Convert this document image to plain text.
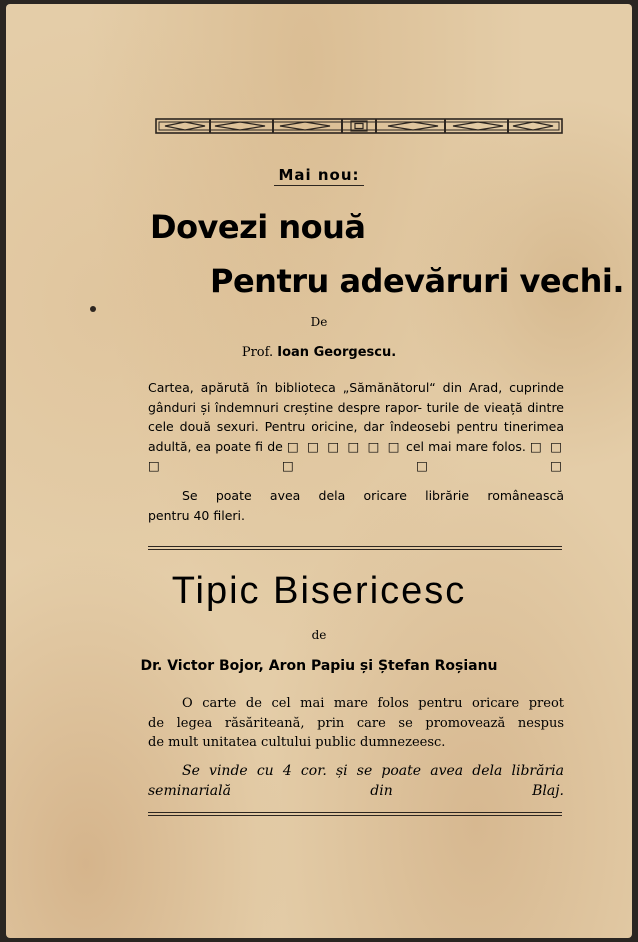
Mai nou:
Dovezi nouă
Pentru adevăruri vechi.
De
Prof. Ioan Georgescu.

Cartea, apărută în biblioteca „Sămănătorul“ din Arad, cuprinde gânduri și îndemnuri creștine despre rapor- turile de vieață dintre cele două sexuri. Pentru oricine, dar îndeosebi pentru tinerimea adultă, ea poate fi de □ □ □ □ □ □ cel mai mare folos. □ □ □ □ □ □

Se poate avea dela oricare librărie românească
pentru 40 fileri.

Tipic Bisericesc
de
Dr. Victor Bojor, Aron Papiu și Ștefan Roșianu

O carte de cel mai mare folos pentru oricare preot
de legea răsăriteană, prin care se promovează nespus
de mult unitatea cultului public dumnezeesc.

Se vinde cu 4 cor. și se poate avea dela librăria seminarială din Blaj.
